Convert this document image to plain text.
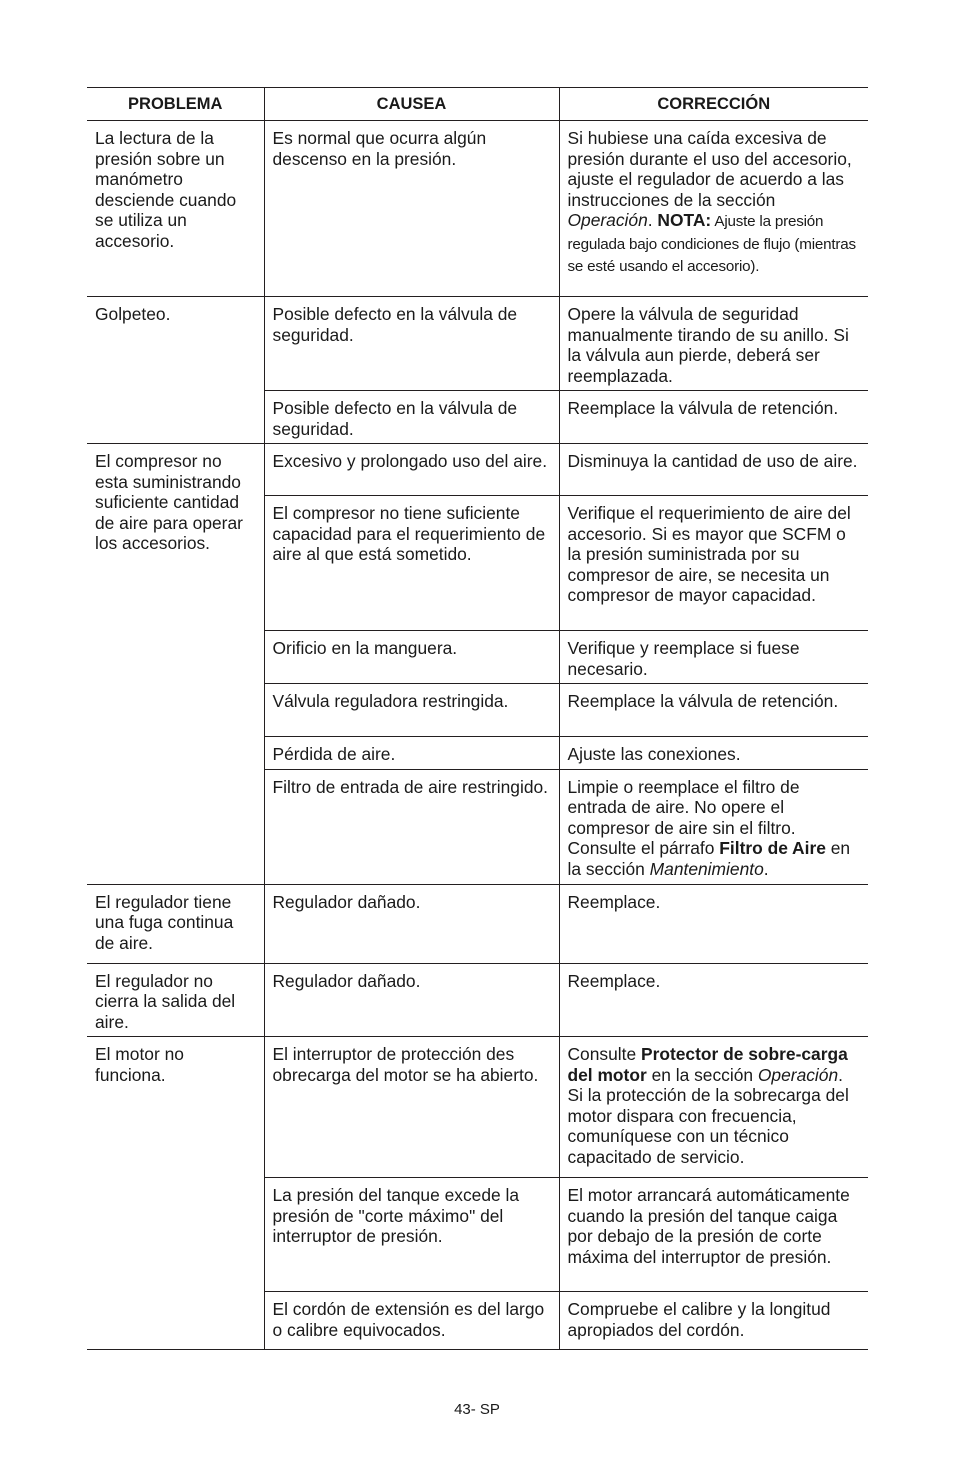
PROBLEMA	CAUSEA	CORRECCIÓN
La lectura de la presión sobre un manómetro desciende cuando se utiliza un accesorio.	Es normal que ocurra algún descenso en la presión.	Si hubiese una caída excesiva de presión durante el uso del accesorio, ajuste el regulador de acuerdo a las instrucciones de la sección Operación. NOTA: Ajuste la presión regulada bajo condiciones de flujo (mientras se esté usando el accesorio).
Golpeteo.	Posible defecto en la válvula de seguridad.	Opere la válvula de seguridad manualmente tirando de su anillo. Si la válvula aun pierde, deberá ser reemplazada.
	Posible defecto en la válvula de seguridad.	Reemplace la válvula de retención.
El compresor no esta suministrando suficiente cantidad de aire para operar los accesorios.	Excesivo y prolongado uso del aire.	Disminuya la cantidad de uso de aire.
	El compresor no tiene suficiente capacidad para el requerimiento de aire al que está sometido.	Verifique el requerimiento de aire del accesorio. Si es mayor que SCFM o la presión suministrada por su compresor de aire, se necesita un compresor de mayor capacidad.
	Orificio en la manguera.	Verifique y reemplace si fuese necesario.
	Válvula reguladora restringida.	Reemplace la válvula de retención.
	Pérdida de aire.	Ajuste las conexiones.
	Filtro de entrada de aire restringido.	Limpie o reemplace el filtro de entrada de aire. No opere el compresor de aire sin el filtro. Consulte el párrafo Filtro de Aire en la sección Mantenimiento.
El regulador tiene una fuga continua de aire.	Regulador dañado.	Reemplace.
El regulador no cierra la salida del aire.	Regulador dañado.	Reemplace.
El motor no funciona.	El interruptor de protección des obrecarga del motor se ha abierto.	Consulte Protector de sobre-carga del motor en la sección Operación. Si la protección de la sobrecarga del motor dispara con frecuencia, comuníquese con un técnico capacitado de servicio.
	La presión del tanque excede la presión de "corte máximo" del interruptor de presión.	El motor arrancará automáticamente cuando la presión del tanque caiga por debajo de la presión de corte máxima del interruptor de presión.
	El cordón de extensión es del largo o calibre equivocados.	Compruebe el calibre y la longitud apropiados del cordón.
43- SP
